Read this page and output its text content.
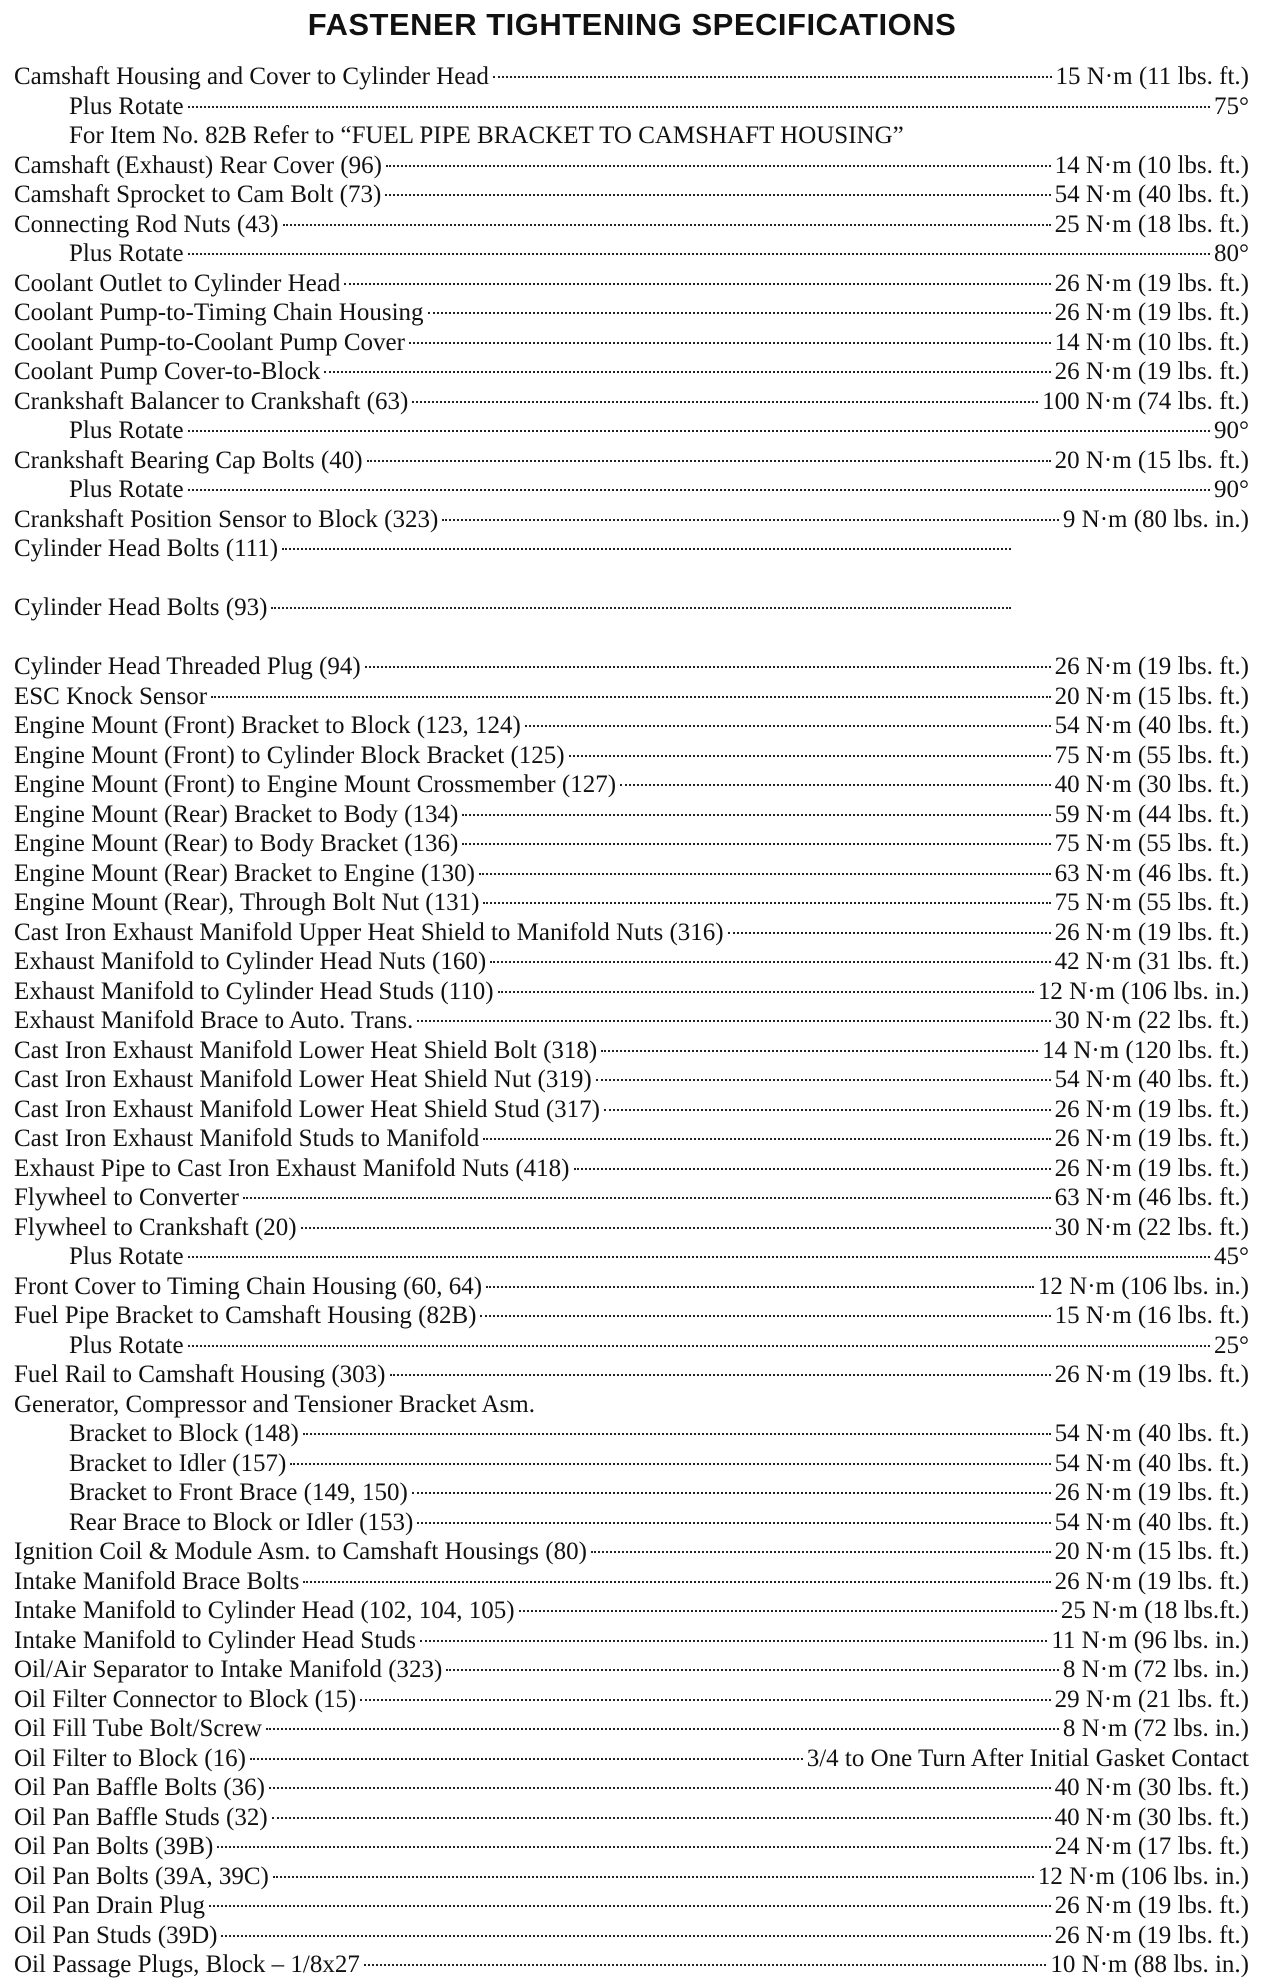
FASTENER TIGHTENING SPECIFICATIONS
Camshaft Housing and Cover to Cylinder Head	15 N·m (11 lbs. ft.)
Plus Rotate	75°
For Item No. 82B Refer to “FUEL PIPE BRACKET TO CAMSHAFT HOUSING”
Camshaft (Exhaust) Rear Cover (96)	14 N·m (10 lbs. ft.)
Camshaft Sprocket to Cam Bolt (73)	54 N·m (40 lbs. ft.)
Connecting Rod Nuts (43)	25 N·m (18 lbs. ft.)
Plus Rotate	80°
Coolant Outlet to Cylinder Head	26 N·m (19 lbs. ft.)
Coolant Pump-to-Timing Chain Housing	26 N·m (19 lbs. ft.)
Coolant Pump-to-Coolant Pump Cover	14 N·m (10 lbs. ft.)
Coolant Pump Cover-to-Block	26 N·m (19 lbs. ft.)
Crankshaft Balancer to Crankshaft (63)	100 N·m (74 lbs. ft.)
Plus Rotate	90°
Crankshaft Bearing Cap Bolts (40)	20 N·m (15 lbs. ft.)
Plus Rotate	90°
Crankshaft Position Sensor to Block (323)	9 N·m (80 lbs. in.)
Cylinder Head Bolts (111)
Cylinder Head Bolts (93)
Cylinder Head Threaded Plug (94)	26 N·m (19 lbs. ft.)
ESC Knock Sensor	20 N·m (15 lbs. ft.)
Engine Mount (Front) Bracket to Block (123, 124)	54 N·m (40 lbs. ft.)
Engine Mount (Front) to Cylinder Block Bracket (125)	75 N·m (55 lbs. ft.)
Engine Mount (Front) to Engine Mount Crossmember (127)	40 N·m (30 lbs. ft.)
Engine Mount (Rear) Bracket to Body (134)	59 N·m (44 lbs. ft.)
Engine Mount (Rear) to Body Bracket (136)	75 N·m (55 lbs. ft.)
Engine Mount (Rear) Bracket to Engine (130)	63 N·m (46 lbs. ft.)
Engine Mount (Rear), Through Bolt Nut (131)	75 N·m (55 lbs. ft.)
Cast Iron Exhaust Manifold Upper Heat Shield to Manifold Nuts (316)	26 N·m (19 lbs. ft.)
Exhaust Manifold to Cylinder Head Nuts (160)	42 N·m (31 lbs. ft.)
Exhaust Manifold to Cylinder Head Studs (110)	12 N·m (106 lbs. in.)
Exhaust Manifold Brace to Auto. Trans.	30 N·m (22 lbs. ft.)
Cast Iron Exhaust Manifold Lower Heat Shield Bolt (318)	14 N·m (120 lbs. ft.)
Cast Iron Exhaust Manifold Lower Heat Shield Nut (319)	54 N·m (40 lbs. ft.)
Cast Iron Exhaust Manifold Lower Heat Shield Stud (317)	26 N·m (19 lbs. ft.)
Cast Iron Exhaust Manifold Studs to Manifold	26 N·m (19 lbs. ft.)
Exhaust Pipe to Cast Iron Exhaust Manifold Nuts (418)	26 N·m (19 lbs. ft.)
Flywheel to Converter	63 N·m (46 lbs. ft.)
Flywheel to Crankshaft (20)	30 N·m (22 lbs. ft.)
Plus Rotate	45°
Front Cover to Timing Chain Housing (60, 64)	12 N·m (106 lbs. in.)
Fuel Pipe Bracket to Camshaft Housing (82B)	15 N·m (16 lbs. ft.)
Plus Rotate	25°
Fuel Rail to Camshaft Housing (303)	26 N·m (19 lbs. ft.)
Generator, Compressor and Tensioner Bracket Asm.
Bracket to Block (148)	54 N·m (40 lbs. ft.)
Bracket to Idler (157)	54 N·m (40 lbs. ft.)
Bracket to Front Brace (149, 150)	26 N·m (19 lbs. ft.)
Rear Brace to Block or Idler (153)	54 N·m (40 lbs. ft.)
Ignition Coil & Module Asm. to Camshaft Housings (80)	20 N·m (15 lbs. ft.)
Intake Manifold Brace Bolts	26 N·m (19 lbs. ft.)
Intake Manifold to Cylinder Head (102, 104, 105)	25 N·m (18 lbs.ft.)
Intake Manifold to Cylinder Head Studs	11 N·m (96 lbs. in.)
Oil/Air Separator to Intake Manifold (323)	8 N·m (72 lbs. in.)
Oil Filter Connector to Block (15)	29 N·m (21 lbs. ft.)
Oil Fill Tube Bolt/Screw	8 N·m (72 lbs. in.)
Oil Filter to Block (16)	3/4 to One Turn After Initial Gasket Contact
Oil Pan Baffle Bolts (36)	40 N·m (30 lbs. ft.)
Oil Pan Baffle Studs (32)	40 N·m (30 lbs. ft.)
Oil Pan Bolts (39B)	24 N·m (17 lbs. ft.)
Oil Pan Bolts (39A, 39C)	12 N·m (106 lbs. in.)
Oil Pan Drain Plug	26 N·m (19 lbs. ft.)
Oil Pan Studs (39D)	26 N·m (19 lbs. ft.)
Oil Passage Plugs, Block – 1/8x27	10 N·m (88 lbs. in.)
